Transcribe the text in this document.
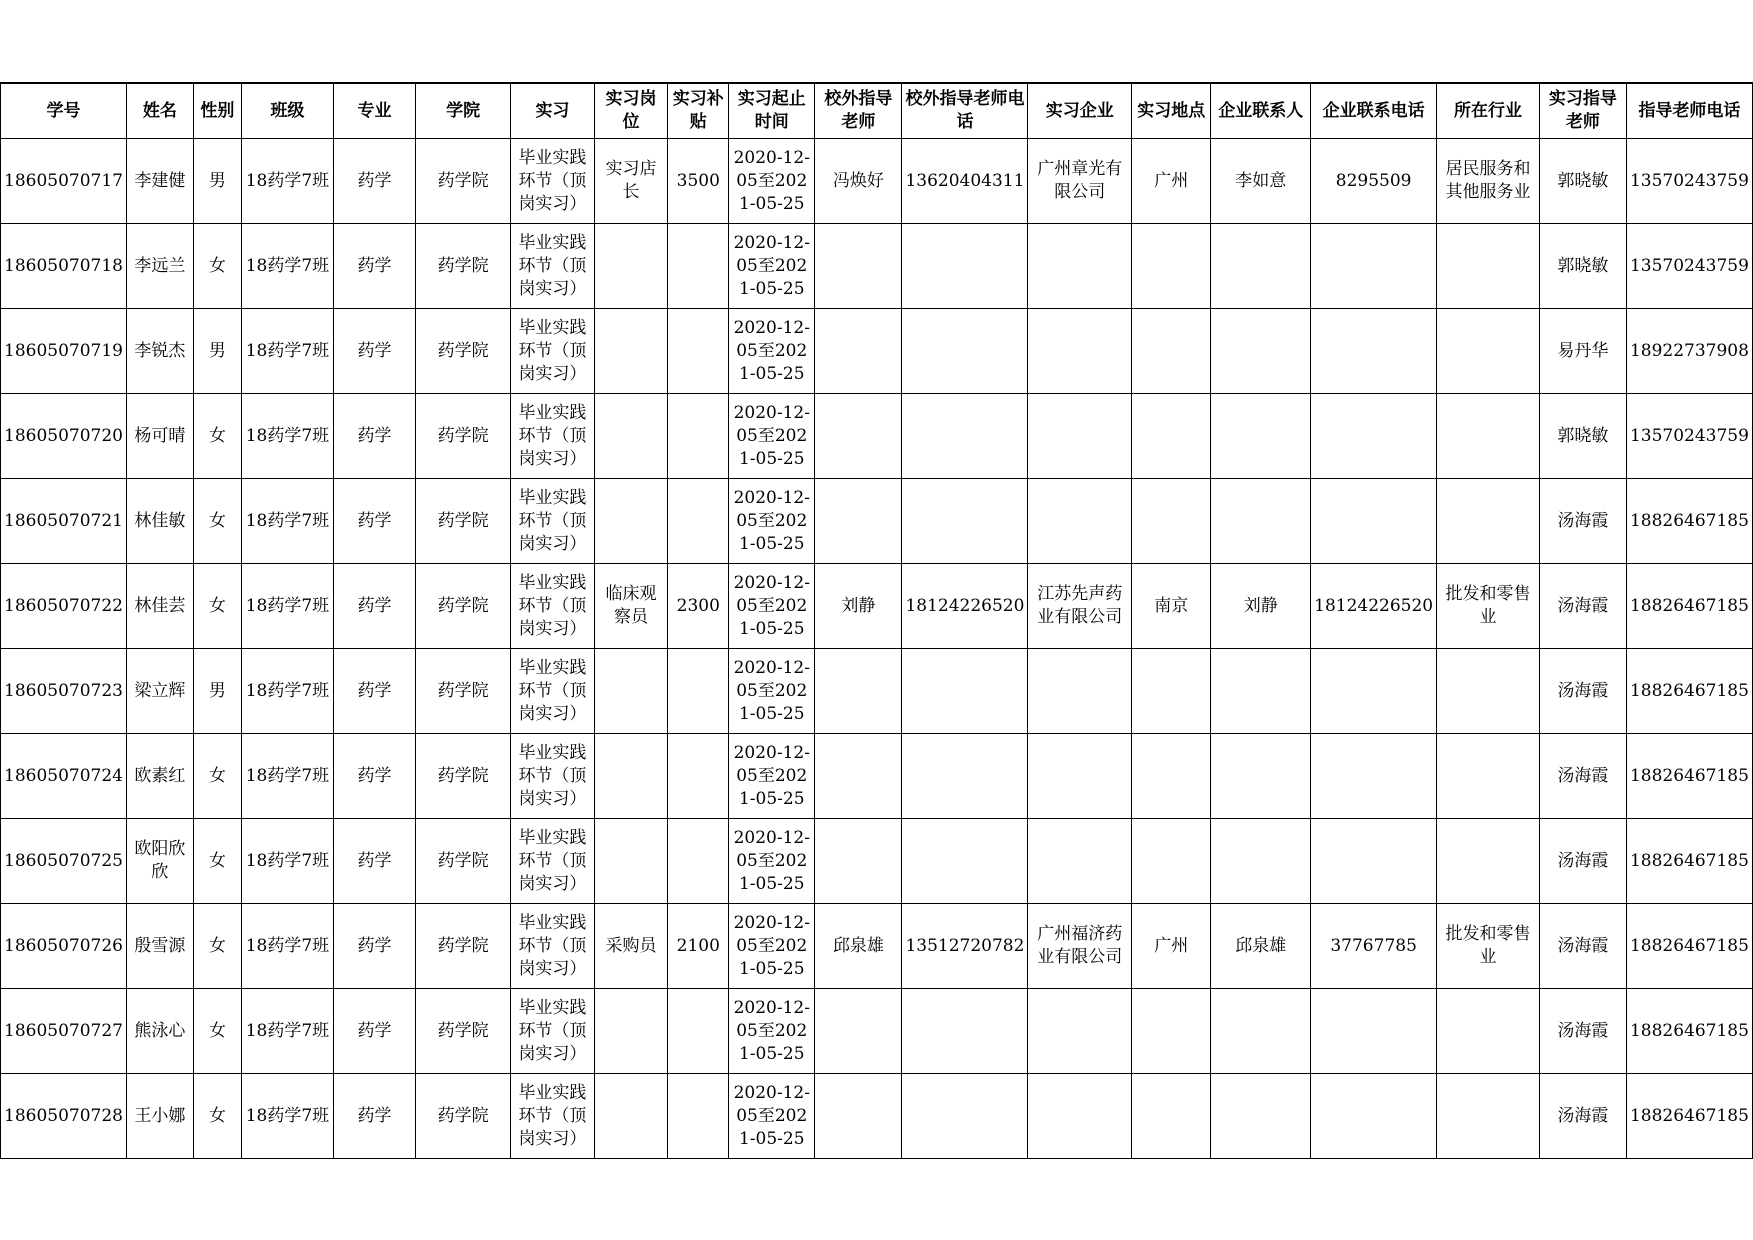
学号	姓名	性别	班级	专业	学院	实习	实习岗位	实习补贴	实习起止时间	校外指导老师	校外指导老师电话	实习企业	实习地点	企业联系人	企业联系电话	所在行业	实习指导老师	指导老师电话

18605070717	李建健	男	18药学7班	药学	药学院	毕业实践环节（顶岗实习）	实习店长	3500	2020-12-05至2021-05-25	冯焕好	13620404311	广州章光有限公司	广州	李如意	8295509	居民服务和其他服务业	郭晓敏	13570243759

18605070718	李远兰	女	18药学7班	药学	药学院	毕业实践环节（顶岗实习）			2020-12-05至2021-05-25								郭晓敏	13570243759

18605070719	李锐杰	男	18药学7班	药学	药学院	毕业实践环节（顶岗实习）			2020-12-05至2021-05-25								易丹华	18922737908

18605070720	杨可晴	女	18药学7班	药学	药学院	毕业实践环节（顶岗实习）			2020-12-05至2021-05-25								郭晓敏	13570243759

18605070721	林佳敏	女	18药学7班	药学	药学院	毕业实践环节（顶岗实习）			2020-12-05至2021-05-25								汤海霞	18826467185

18605070722	林佳芸	女	18药学7班	药学	药学院	毕业实践环节（顶岗实习）	临床观察员	2300	2020-12-05至2021-05-25	刘静	18124226520	江苏先声药业有限公司	南京	刘静	18124226520	批发和零售业	汤海霞	18826467185

18605070723	梁立辉	男	18药学7班	药学	药学院	毕业实践环节（顶岗实习）			2020-12-05至2021-05-25								汤海霞	18826467185

18605070724	欧素红	女	18药学7班	药学	药学院	毕业实践环节（顶岗实习）			2020-12-05至2021-05-25								汤海霞	18826467185

18605070725	欧阳欣欣	女	18药学7班	药学	药学院	毕业实践环节（顶岗实习）			2020-12-05至2021-05-25								汤海霞	18826467185

18605070726	殷雪源	女	18药学7班	药学	药学院	毕业实践环节（顶岗实习）	采购员	2100	2020-12-05至2021-05-25	邱泉雄	13512720782	广州福济药业有限公司	广州	邱泉雄	37767785	批发和零售业	汤海霞	18826467185

18605070727	熊泳心	女	18药学7班	药学	药学院	毕业实践环节（顶岗实习）			2020-12-05至2021-05-25								汤海霞	18826467185

18605070728	王小娜	女	18药学7班	药学	药学院	毕业实践环节（顶岗实习）			2020-12-05至2021-05-25								汤海霞	18826467185
